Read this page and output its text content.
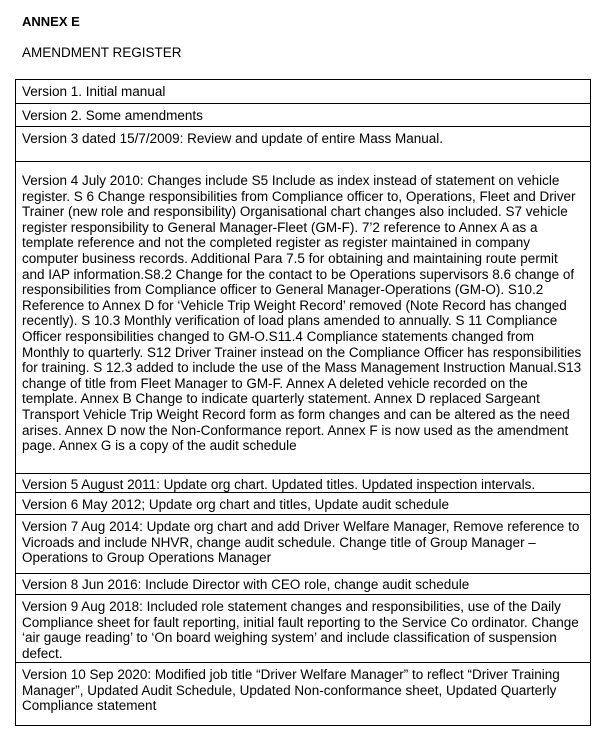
ANNEX E
AMENDMENT REGISTER
Version 1. Initial manual
Version 2. Some amendments
Version 3 dated 15/7/2009: Review and update of entire Mass Manual.
Version 4 July 2010: Changes include S5 Include as index instead of statement on vehicle register. S 6 Change responsibilities from Compliance officer to, Operations, Fleet and Driver Trainer (new role and responsibility) Organisational chart changes also included. S7 vehicle register responsibility to General Manager-Fleet (GM-F). 7’2 reference to Annex A as a template reference and not the completed register as register maintained in company computer business records. Additional Para 7.5 for obtaining and maintaining route permit and IAP information.S8.2 Change for the contact to be Operations supervisors 8.6 change of responsibilities from Compliance officer to General Manager-Operations (GM-O). S10.2 Reference to Annex D for ‘Vehicle Trip Weight Record’ removed (Note Record has changed recently). S 10.3 Monthly verification of load plans amended to annually. S 11 Compliance Officer responsibilities changed to GM-O.S11.4 Compliance statements changed from Monthly to quarterly. S12 Driver Trainer instead on the Compliance Officer has responsibilities for training. S 12.3 added to include the use of the Mass Management Instruction Manual.S13 change of title from Fleet Manager to GM-F. Annex A deleted vehicle recorded on the template. Annex B Change to indicate quarterly statement. Annex D replaced Sargeant Transport Vehicle Trip Weight Record form as form changes and can be altered as the need arises. Annex D now the Non-Conformance report. Annex F is now used as the amendment page. Annex G is a copy of the audit schedule
Version 5 August 2011: Update org chart. Updated titles. Updated inspection intervals.
Version 6 May 2012; Update org chart and titles, Update audit schedule
Version 7 Aug 2014: Update org chart and add Driver Welfare Manager, Remove reference to Vicroads and include NHVR, change audit schedule. Change title of Group Manager – Operations to Group Operations Manager
Version 8 Jun 2016: Include Director with CEO role, change audit schedule
Version 9 Aug 2018: Included role statement changes and responsibilities, use of the Daily Compliance sheet for fault reporting, initial fault reporting to the Service Co ordinator. Change ‘air gauge reading’ to ‘On board weighing system’ and include classification of suspension defect.
Version 10 Sep 2020: Modified job title “Driver Welfare Manager” to reflect “Driver Training Manager”, Updated Audit Schedule, Updated Non-conformance sheet, Updated Quarterly Compliance statement
